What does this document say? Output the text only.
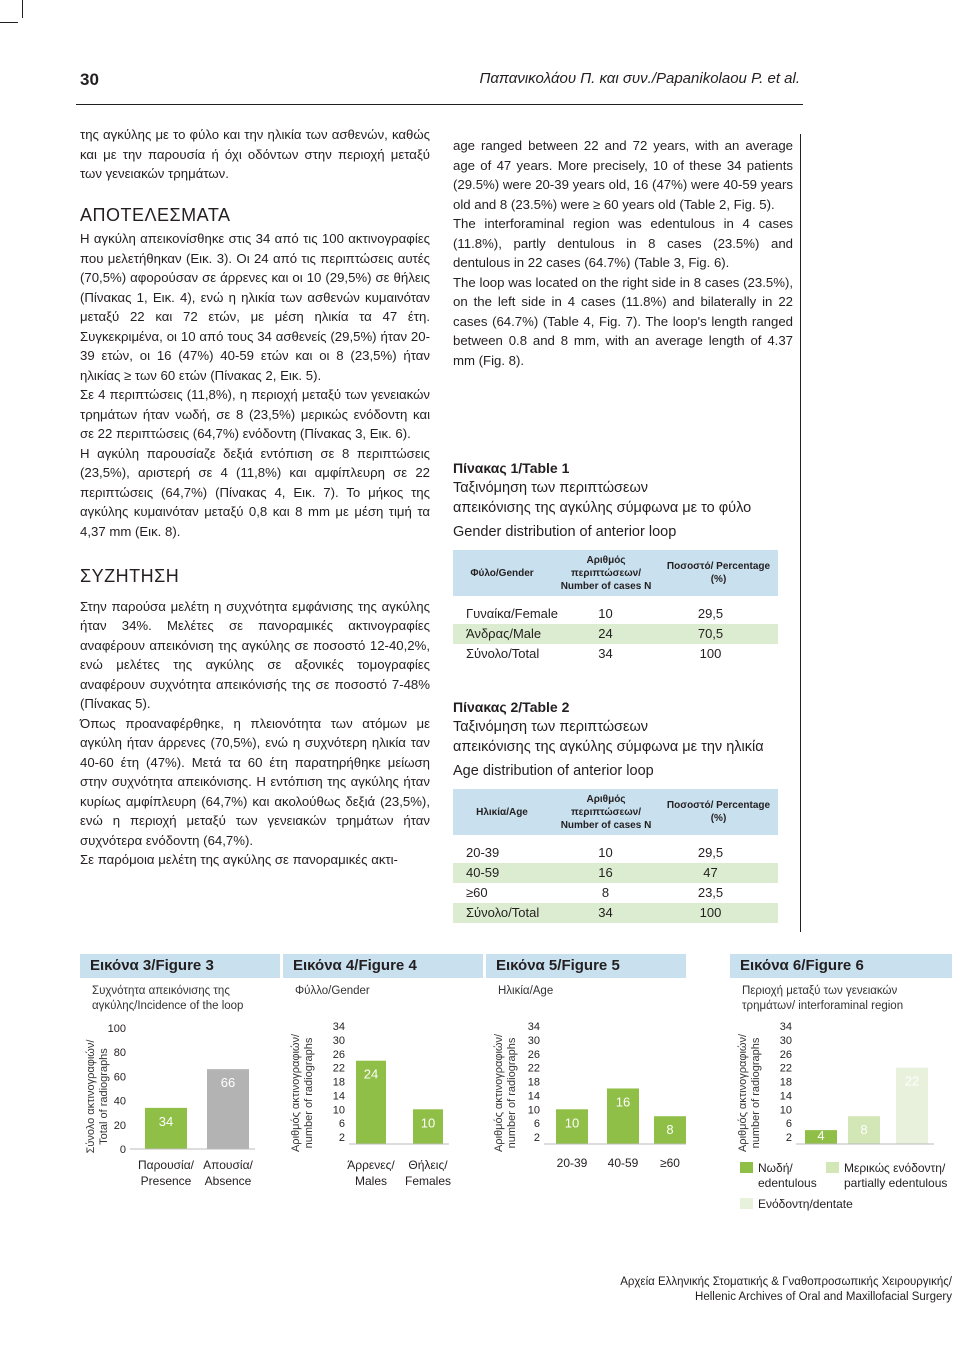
30	Παπανικολάου Π. και συν./Papanikolaou P. et al.

της αγκύλης με το φύλο και την ηλικία των ασθενών, καθώς και με την παρουσία ή όχι οδόντων στην περιοχή μεταξύ των γενειακών τρημάτων.

ΑΠΟΤΕΛΕΣΜΑΤΑ

Η αγκύλη απεικονίσθηκε στις 34 από τις 100 ακτινογραφίες που μελετήθηκαν (Εικ. 3). Οι 24 από τις περιπτώσεις αυτές (70,5%) αφορούσαν σε άρρενες και οι 10 (29,5%) σε θήλεις (Πίνακας 1, Εικ. 4), ενώ η ηλικία των ασθενών κυμαινόταν μεταξύ 22 και 72 ετών, με μέση ηλικία τα 47 έτη. Συγκεκριμένα, οι 10 από τους 34 ασθενείς (29,5%) ήταν 20-39 ετών, οι 16 (47%) 40-59 ετών και οι 8 (23,5%) ήταν ηλικίας ≥ των 60 ετών (Πίνακας 2, Εικ. 5).

Σε 4 περιπτώσεις (11,8%), η περιοχή μεταξύ των γενειακών τρημάτων ήταν νωδή, σε 8 (23,5%) μερικώς ενόδοντη και σε 22 περιπτώσεις (64,7%) ενόδοντη (Πίνακας 3, Εικ. 6).

Η αγκύλη παρουσίαζε δεξιά εντόπιση σε 8 περιπτώσεις (23,5%), αριστερή σε 4 (11,8%) και αμφίπλευρη σε 22 περιπτώσεις (64,7%) (Πίνακας 4, Εικ. 7). Το μήκος της αγκύλης κυμαινόταν μεταξύ 0,8 και 8 mm με μέση τιμή τα 4,37 mm (Εικ. 8).

ΣΥΖΗΤΗΣΗ

Στην παρούσα μελέτη η συχνότητα εμφάνισης της αγκύλης ήταν 34%. Μελέτες σε πανοραμικές ακτινογραφίες αναφέρουν απεικόνιση της αγκύλης σε ποσοστό 12-40,2%, ενώ μελέτες της αγκύλης σε αξονικές τομογραφίες αναφέρουν συχνότητα απεικόνισής της σε ποσοστό 7-48% (Πίνακας 5).

Όπως προαναφέρθηκε, η πλειονότητα των ατόμων με αγκύλη ήταν άρρενες (70,5%), ενώ η συχνότερη ηλικία ταν 40-60 έτη (47%). Μετά τα 60 έτη παρατηρήθηκε μείωση στην συχνότητα απεικόνισης. Η εντόπιση της αγκύλης ήταν κυρίως αμφίπλευρη (64,7%) και ακολούθως δεξιά (23,5%), ενώ η περιοχή μεταξύ των γενειακών τρημάτων ήταν συχνότερα ενόδοντη (64,7%).

Σε παρόμοια μελέτη της αγκύλης σε πανοραμικές ακτι-

age ranged between 22 and 72 years, with an average age of 47 years. More precisely, 10 of these 34 patients (29.5%) were 20-39 years old, 16 (47%) were 40-59 years old and 8 (23.5%) were ≥ 60 years old (Table 2, Fig. 5).

The interforaminal region was edentulous in 4 cases (11.8%), partly dentulous in 8 cases (23.5%) and dentulous in 22 cases (64.7%) (Table 3, Fig. 6).

The loop was located on the right side in 8 cases (23.5%), on the left side in 4 cases (11.8%) and bilaterally in 22 cases (64.7%) (Table 4, Fig. 7). The loop's length ranged between 0.8 and 8 mm, with an average length of 4.37 mm (Fig. 8).

Πίνακας 1/Table 1
Ταξινόμηση των περιπτώσεων
απεικόνισης της αγκύλης σύμφωνα με το φύλο
Gender distribution of anterior loop
Φύλο/Gender
Αριθμός περιπτώσεων/ Number of cases N
Ποσοστό/ Percentage (%)
Γυναίκα/Female	10	29,5
Άνδρας/Male	24	70,5
Σύνολο/Total	34	100
Πίνακας 2/Table 2
Ταξινόμηση των περιπτώσεων
απεικόνισης της αγκύλης σύμφωνα με την ηλικία
Age distribution of anterior loop
Ηλικία/Age
Αριθμός περιπτώσεων/ Number of cases N
Ποσοστό/ Percentage (%)
20-39	10	29,5
40-59	16	47
≥60	8	23,5
Σύνολο/Total	34	100
Εικόνα 3/Figure 3
Συχνότητα απεικόνισης της αγκύλης/Incidence of the loop
Σύνολο ακτινογραφιών/Total of radiographs
0
20
40
60
80
100
34
66
Παρουσία/ Presence
Απουσία/ Absence
Εικόνα 4/Figure 4
Φύλλο/Gender
Αριθμός ακτινογραφιών/number of radiographs 2
6
10
14
18
22
26
30
34
24
10
Άρρενες/ Males
Θήλεις/ Females
Εικόνα 5/Figure 5
Ηλικία/Age
Αριθμός ακτινογραφιών/number of radiographs 2
6
10
14
18
22
26
30
34
10
16
8
20-39 40-59 ≥60
Εικόνα 6/Figure 6
Περιοχή μεταξύ των γενειακών τρημάτων/ interforaminal region
Αριθμός ακτινογραφιών/number of radiographs 2
6
10
14
18
22
26
30
34
4	8
22
Νωδή/ edentulous
Μερικώς ενόδοντη/ partially edentulous
Ενόδοντη/dentate
Αρχεία Ελληνικής Στοματικής & Γναθοπροσωπικής Χειρουργικής/
Hellenic Archives of Oral and Maxillofacial Surgery
